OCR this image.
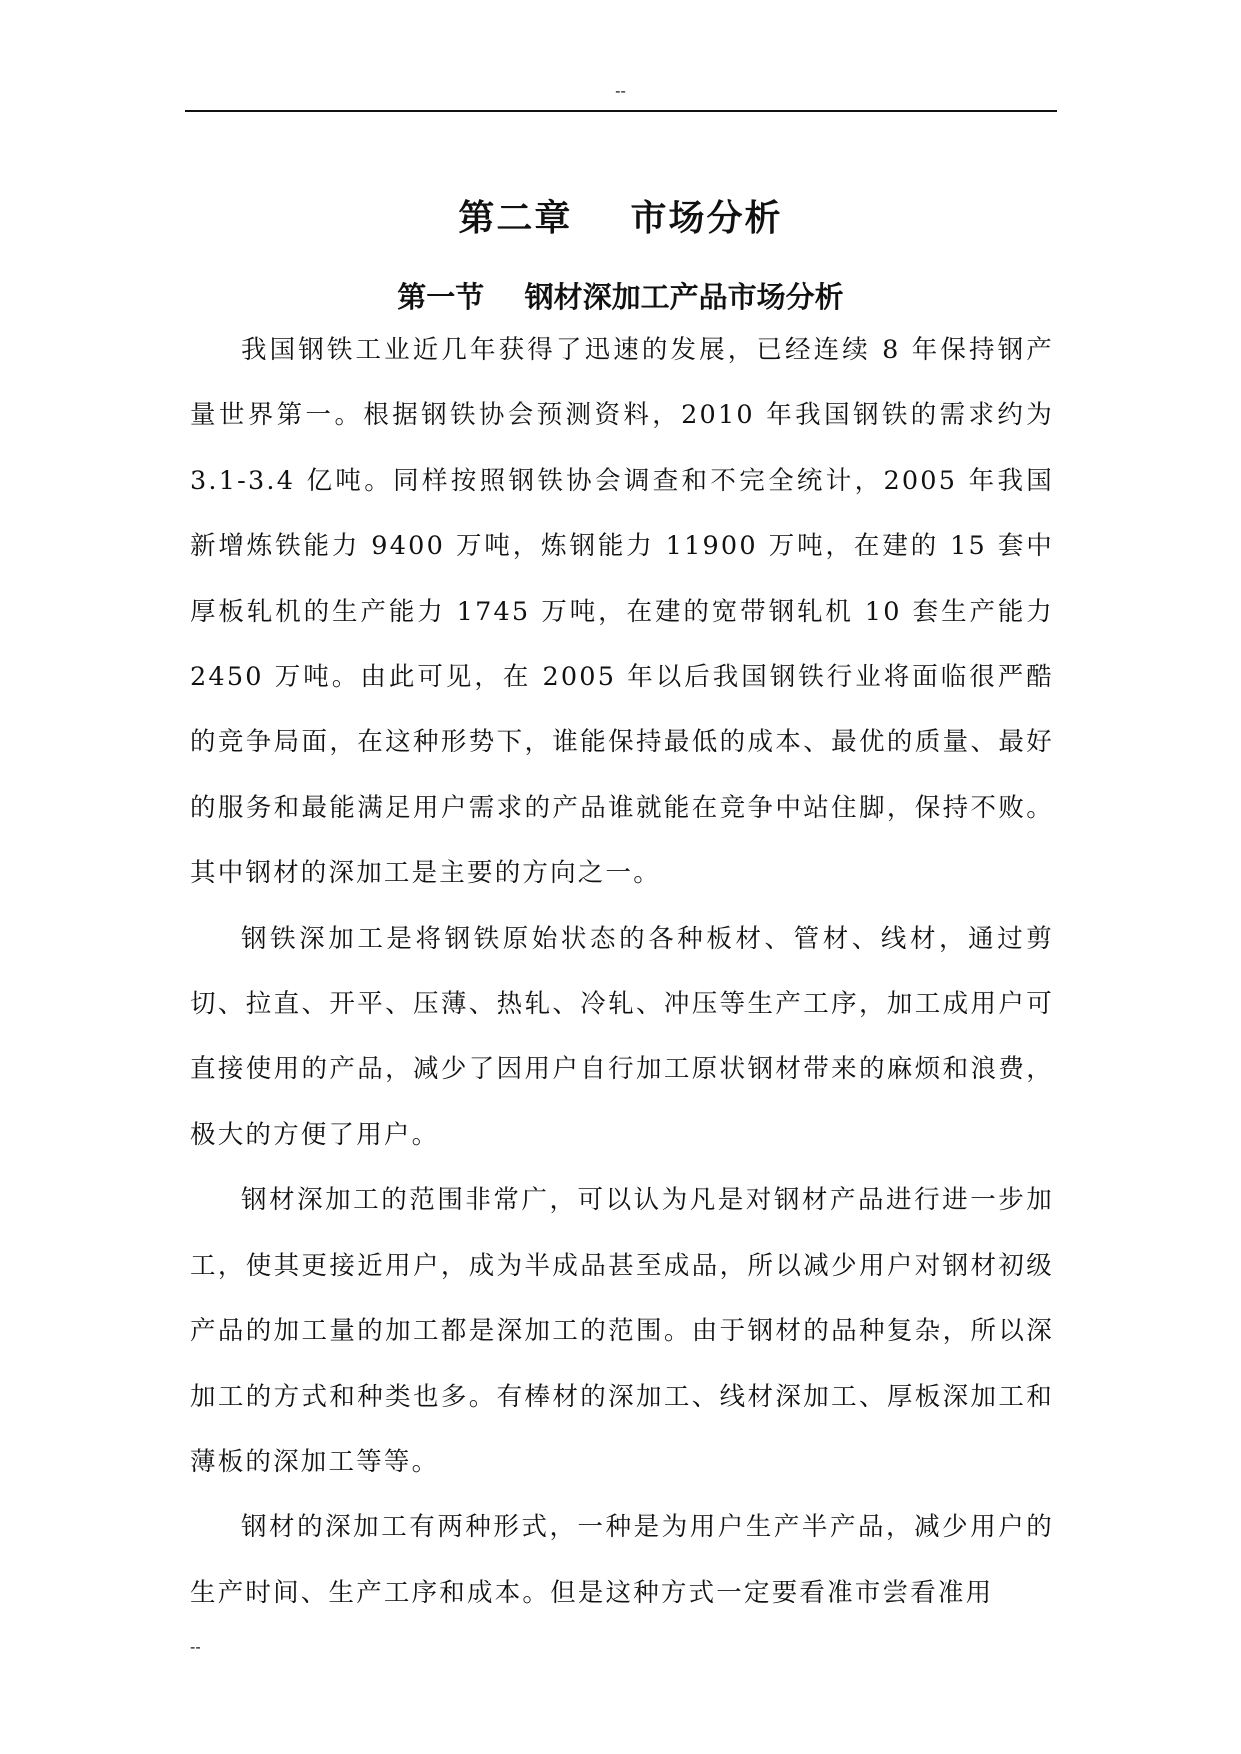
--
第二章    市场分析
第一节    钢材深加工产品市场分析

我国钢铁工业近几年获得了迅速的发展，已经连续 8 年保持钢产量世界第一。根据钢铁协会预测资料，2010 年我国钢铁的需求约为 3.1-3.4 亿吨。同样按照钢铁协会调查和不完全统计，2005 年我国新增炼铁能力 9400 万吨，炼钢能力 11900 万吨，在建的 15 套中厚板轧机的生产能力 1745 万吨，在建的宽带钢轧机 10 套生产能力 2450 万吨。由此可见，在 2005 年以后我国钢铁行业将面临很严酷的竞争局面，在这种形势下，谁能保持最低的成本、最优的质量、最好的服务和最能满足用户需求的产品谁就能在竞争中站住脚，保持不败。其中钢材的深加工是主要的方向之一。

钢铁深加工是将钢铁原始状态的各种板材、管材、线材，通过剪切、拉直、开平、压薄、热轧、冷轧、冲压等生产工序，加工成用户可直接使用的产品，减少了因用户自行加工原状钢材带来的麻烦和浪费，极大的方便了用户。

钢材深加工的范围非常广，可以认为凡是对钢材产品进行进一步加工，使其更接近用户，成为半成品甚至成品，所以减少用户对钢材初级产品的加工量的加工都是深加工的范围。由于钢材的品种复杂，所以深加工的方式和种类也多。有棒材的深加工、线材深加工、厚板深加工和薄板的深加工等等。

钢材的深加工有两种形式，一种是为用户生产半产品，减少用户的生产时间、生产工序和成本。但是这种方式一定要看准市尝看准用

--
